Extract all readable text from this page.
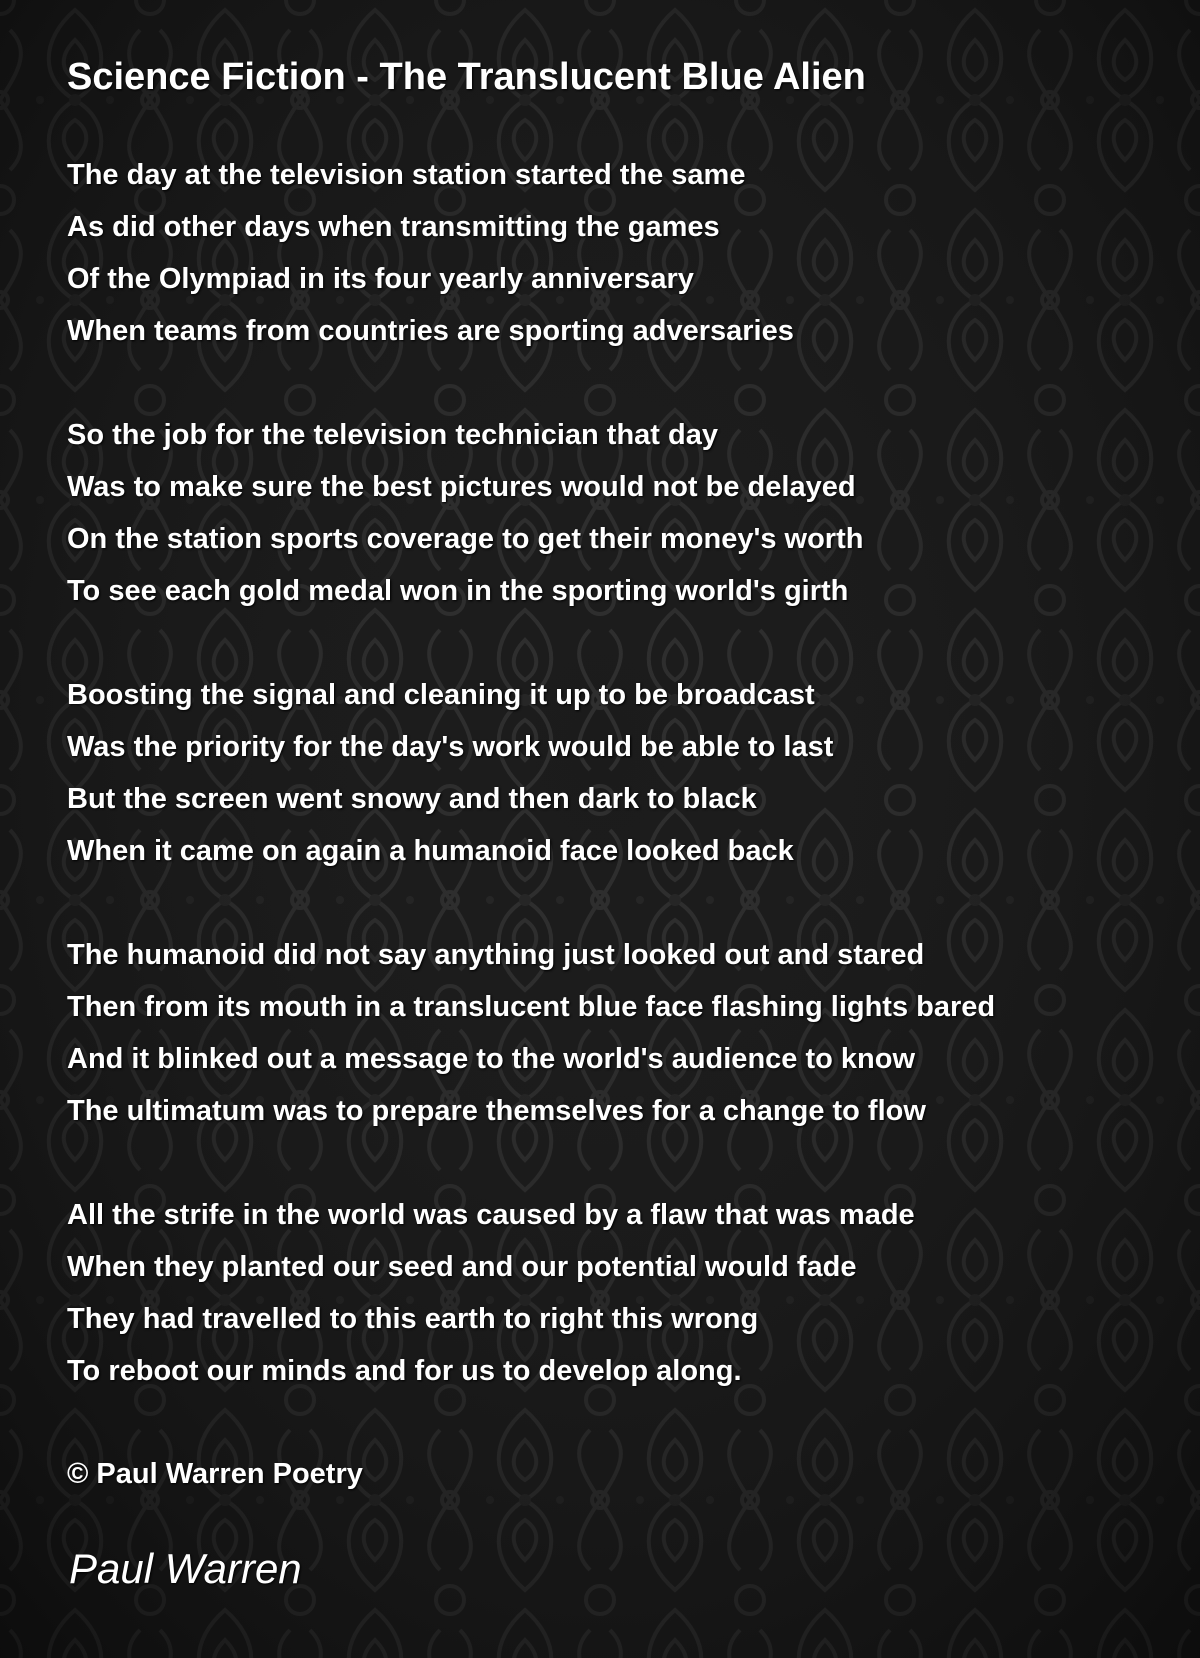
Science Fiction - The Translucent Blue Alien
The day at the television station started the same
As did other days when transmitting the games
Of the Olympiad in its four yearly anniversary
When teams from countries are sporting adversaries
So the job for the television technician that day
Was to make sure the best pictures would not be delayed
On the station sports coverage to get their money's worth
To see each gold medal won in the sporting world's girth
Boosting the signal and cleaning it up to be broadcast
Was the priority for the day's work would be able to last
But the screen went snowy and then dark to black
When it came on again a humanoid face looked back
The humanoid did not say anything just looked out and stared
Then from its mouth in a translucent blue face flashing lights bared
And it blinked out a message to the world's audience to know
The ultimatum was to prepare themselves for a change to flow
All the strife in the world was caused by a flaw that was made
When they planted our seed and our potential would fade
They had travelled to this earth to right this wrong
To reboot our minds and for us to develop along.
© Paul Warren Poetry
Paul Warren
